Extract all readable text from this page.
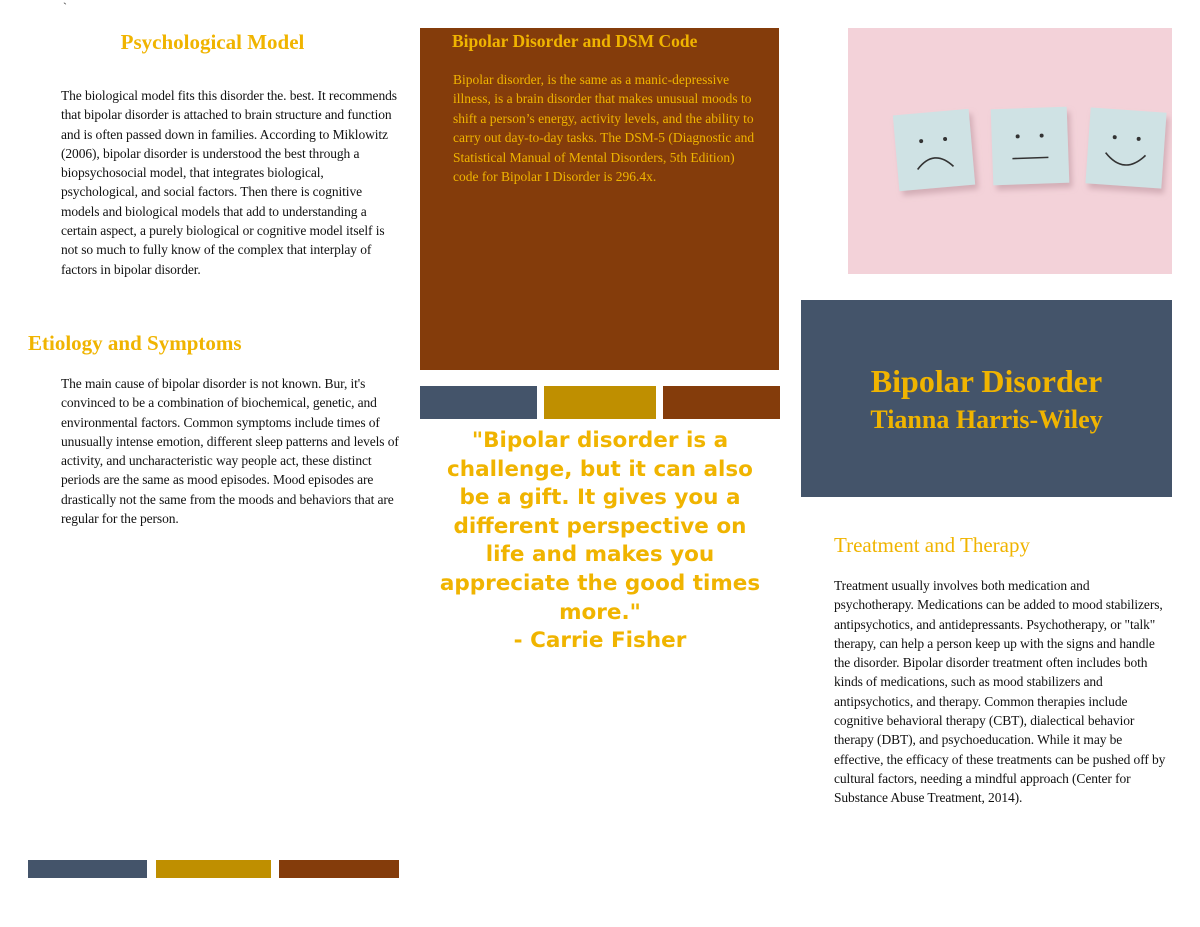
`
Psychological Model
The biological model fits this disorder the. best. It recommends that bipolar disorder is attached to brain structure and function and is often passed down in families. According to Miklowitz (2006), bipolar disorder is understood the best through a biopsychosocial model, that integrates biological, psychological, and social factors. Then there is cognitive models and biological models that add to understanding a certain aspect, a purely biological or cognitive model itself is not so much to fully know of the complex that interplay of factors in bipolar disorder.
Etiology and Symptoms
The main cause of bipolar disorder is not known. Bur, it's convinced to be a combination of biochemical, genetic, and environmental factors. Common symptoms include times of unusually intense emotion, different sleep patterns and levels of activity, and uncharacteristic way people act, these distinct periods are the same as mood episodes. Mood episodes are drastically not the same from the moods and behaviors that are regular for the person.
Bipolar Disorder and DSM Code
Bipolar disorder, is the same as a manic-depressive illness, is a brain disorder that makes unusual moods to shift a person’s energy, activity levels, and the ability to carry out day-to-day tasks. The DSM-5 (Diagnostic and Statistical Manual of Mental Disorders, 5th Edition) code for Bipolar I Disorder is 296.4x.
"Bipolar disorder is a challenge, but it can also be a gift. It gives you a different perspective on life and makes you appreciate the good times more."
- Carrie Fisher
Bipolar Disorder
Tianna Harris-Wiley
Treatment and Therapy
Treatment usually involves both medication and psychotherapy. Medications can be added to mood stabilizers, antipsychotics, and antidepressants. Psychotherapy, or "talk" therapy, can help a person keep up with the signs and handle the disorder. Bipolar disorder treatment often includes both kinds of medications, such as mood stabilizers and antipsychotics, and therapy. Common therapies include cognitive behavioral therapy (CBT), dialectical behavior therapy (DBT), and psychoeducation. While it may be effective, the efficacy of these treatments can be pushed off by cultural factors, needing a mindful approach (Center for Substance Abuse Treatment, 2014).
